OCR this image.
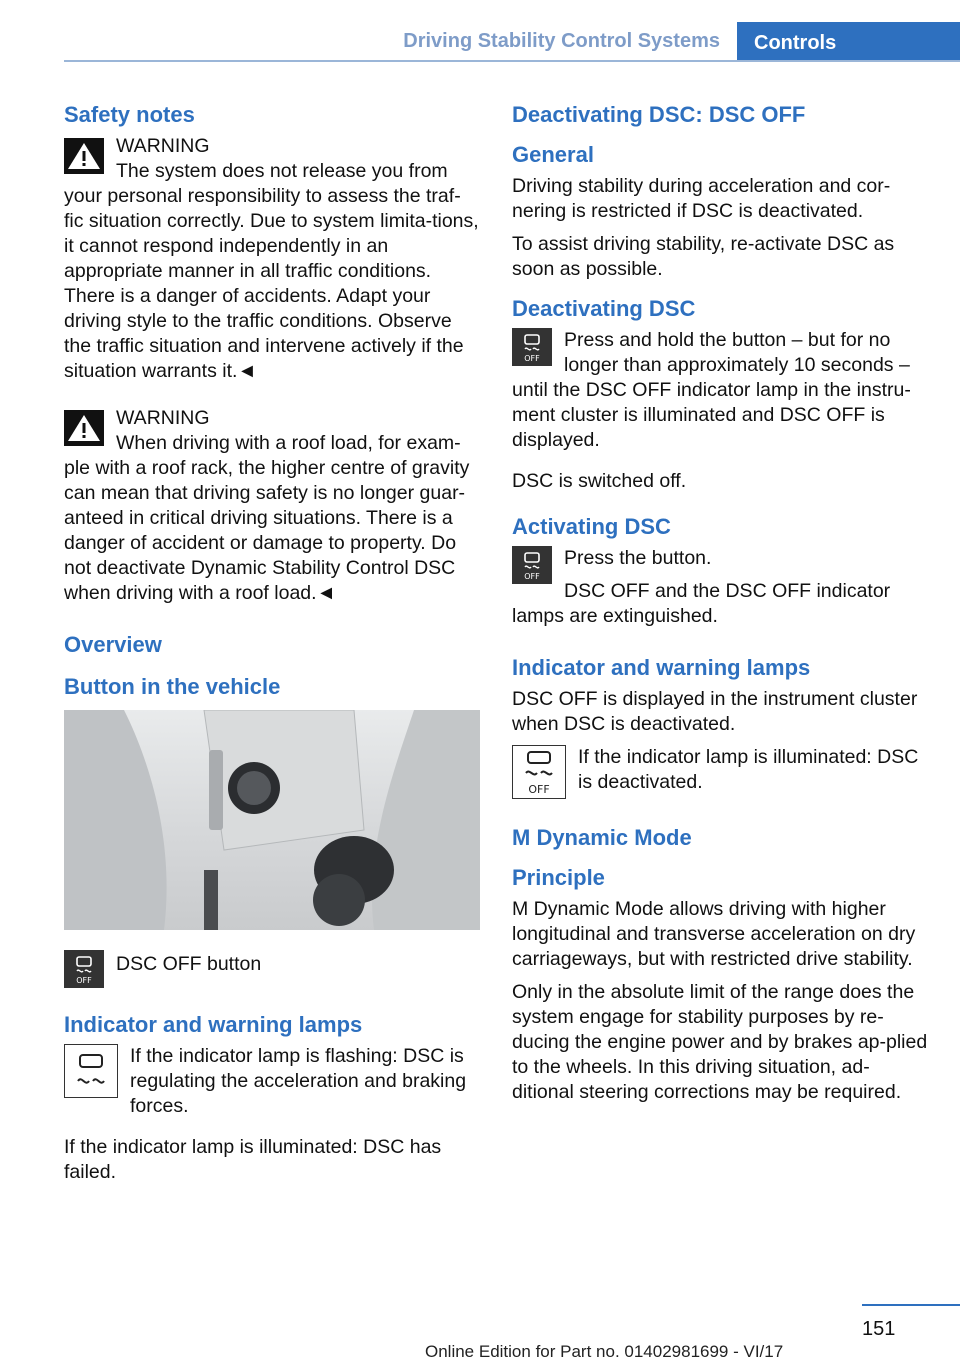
Driving Stability Control Systems Controls
Safety notes
WARNING
The system does not release you from your personal responsibility to assess the traf-fic situation correctly. Due to system limita-tions, it cannot respond independently in an appropriate manner in all traffic conditions. There is a danger of accidents. Adapt your driving style to the traffic conditions. Observe the traffic situation and intervene actively if the situation warrants it.◄
WARNING
When driving with a roof load, for exam-ple with a roof rack, the higher centre of gravity can mean that driving safety is no longer guar-anteed in critical driving situations. There is a danger of accident or damage to property. Do not deactivate Dynamic Stability Control DSC when driving with a roof load.◄
Overview
Button in the vehicle
OFF
DSC OFF button
Indicator and warning lamps
If the indicator lamp is flashing: DSC is regulating the acceleration and braking forces.
If the indicator lamp is illuminated: DSC has failed.
Deactivating DSC: DSC OFF
General
Driving stability during acceleration and cor-nering is restricted if DSC is deactivated.
To assist driving stability, re-activate DSC as soon as possible.
Deactivating DSC
OFF
Press and hold the button – but for no longer than approximately 10 seconds – until the DSC OFF indicator lamp in the instru-ment cluster is illuminated and DSC OFF is displayed.
DSC is switched off.
Activating DSC
OFF
Press the button.
DSC OFF and the DSC OFF indicator lamps are extinguished.
Indicator and warning lamps
DSC OFF is displayed in the instrument cluster when DSC is deactivated.
OFF
If the indicator lamp is illuminated: DSC is deactivated.
M Dynamic Mode
Principle
M Dynamic Mode allows driving with higher longitudinal and transverse acceleration on dry carriageways, but with restricted drive stability.
Only in the absolute limit of the range does the system engage for stability purposes by re-ducing the engine power and by brakes ap-plied to the wheels. In this driving situation, ad-ditional steering corrections may be required.
151
Online Edition for Part no. 01402981699 - VI/17
